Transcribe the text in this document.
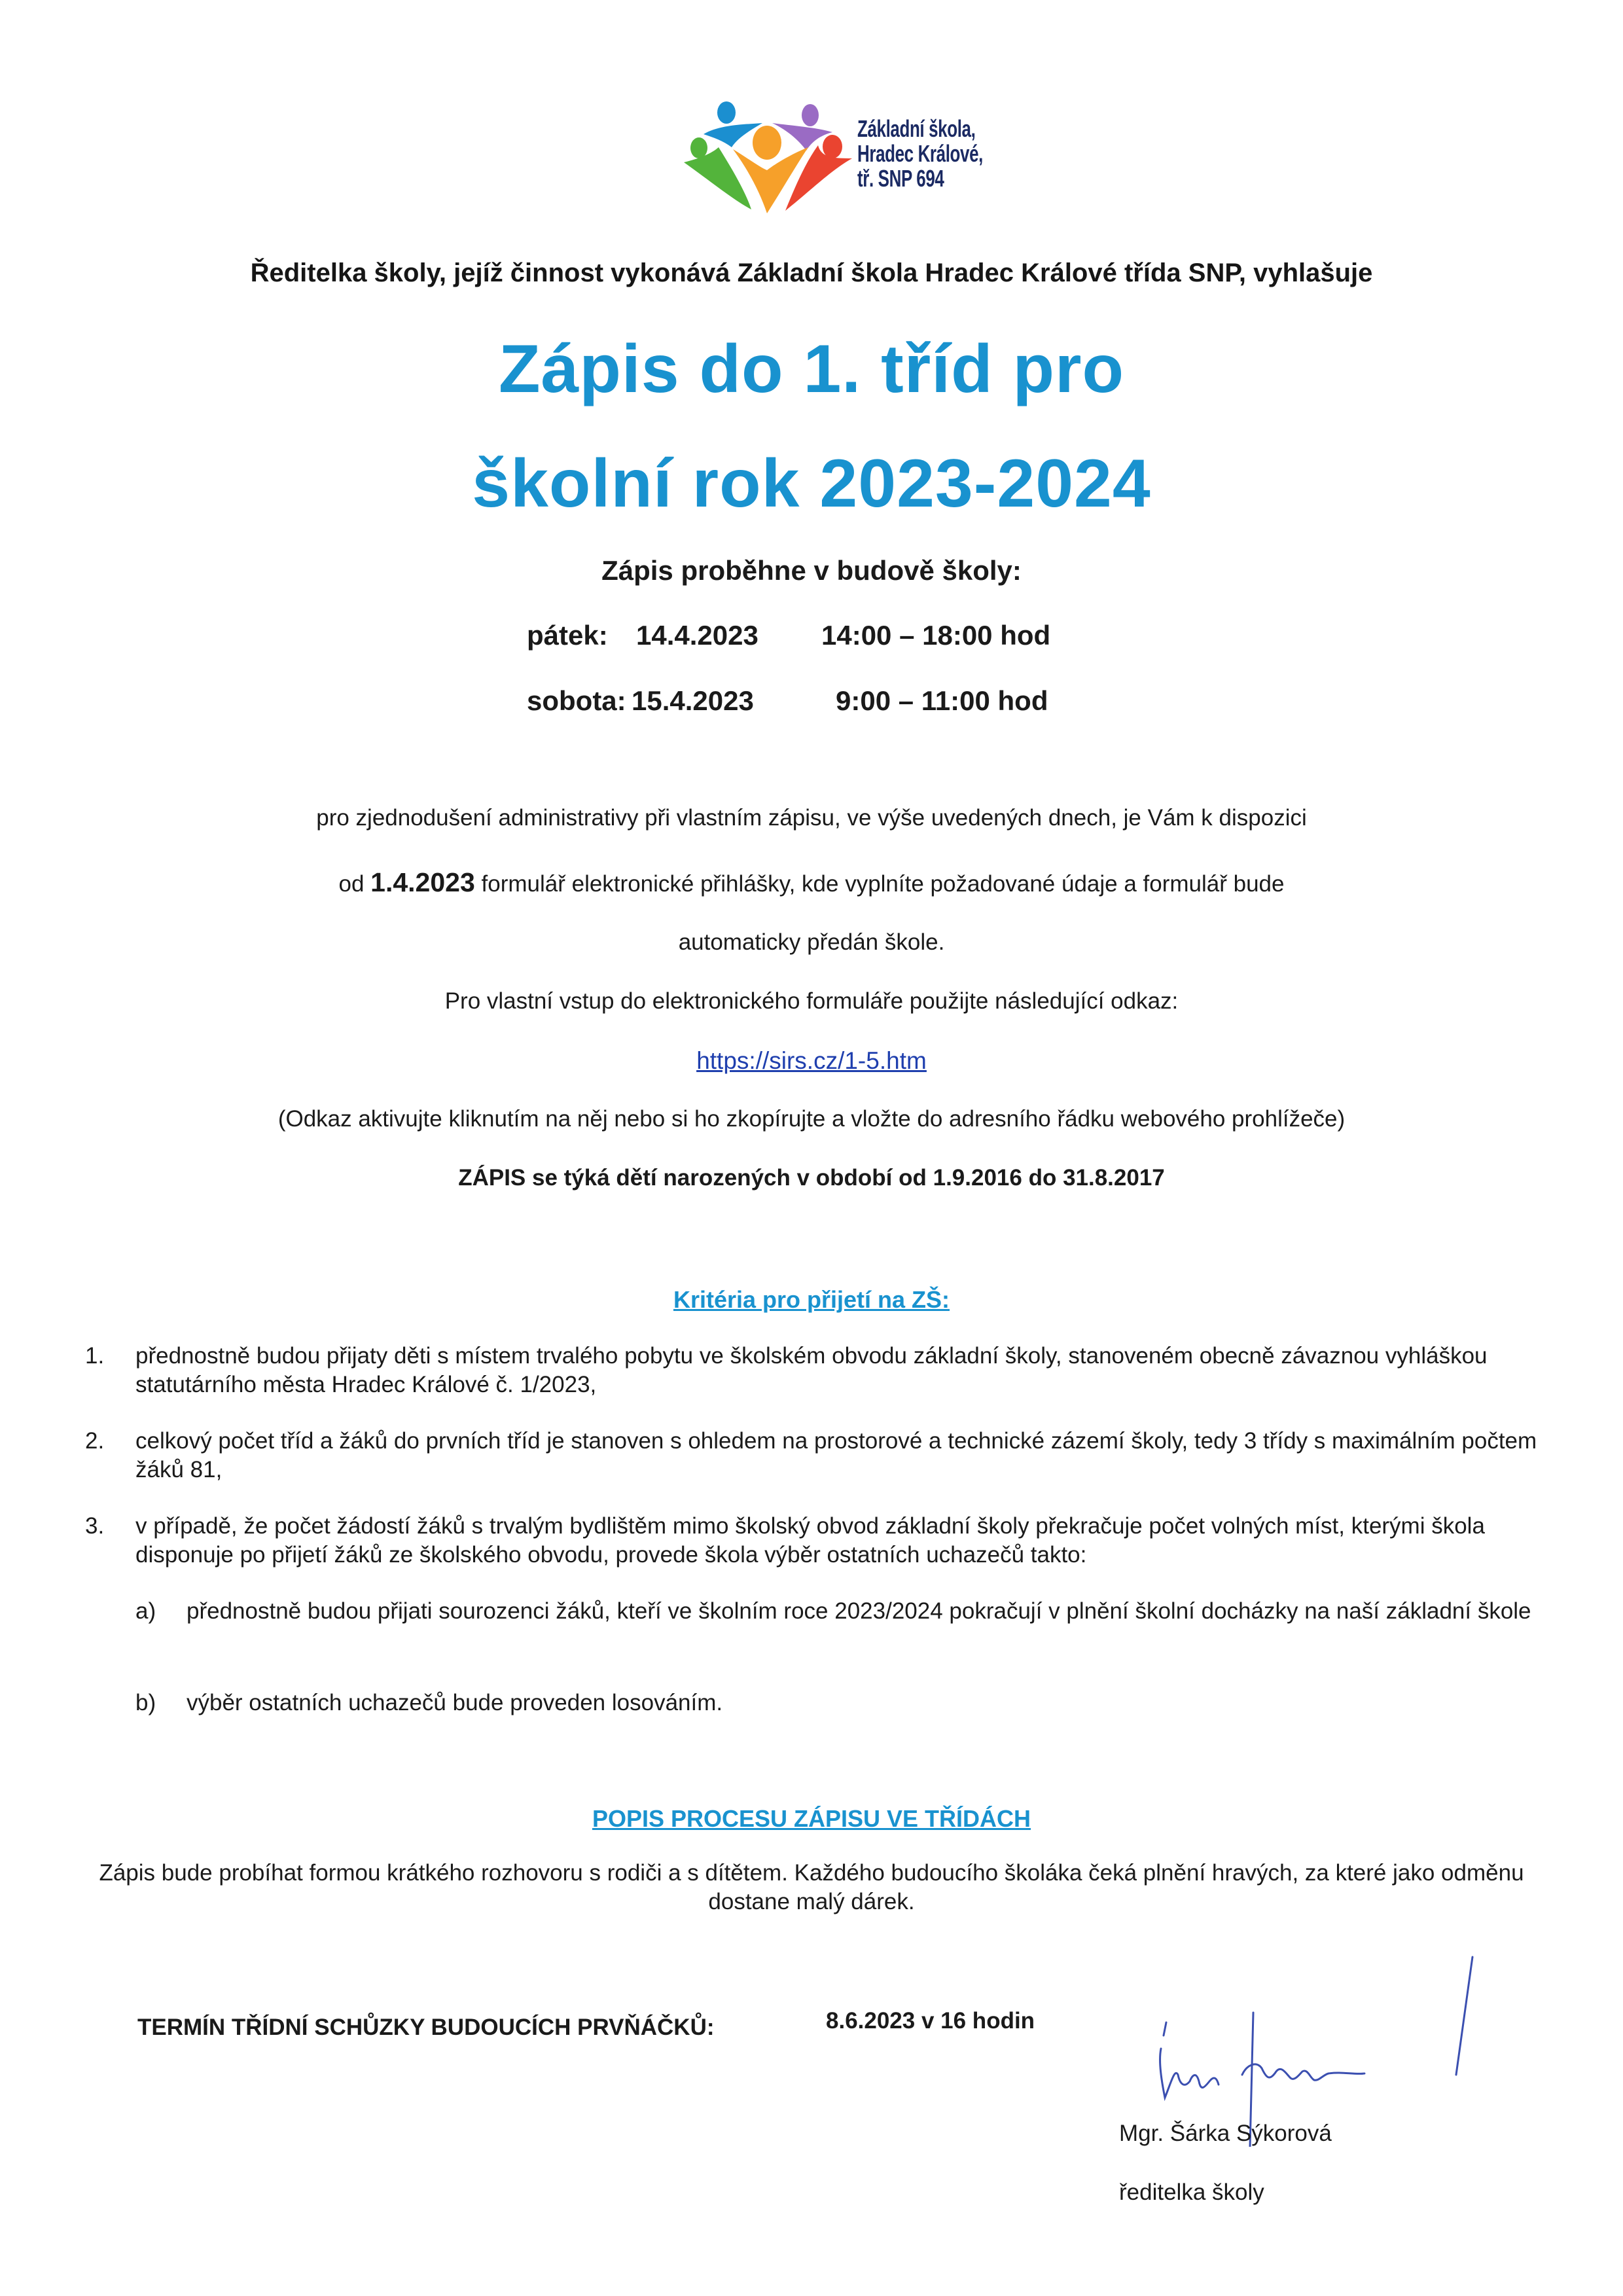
Základní škola,
Hradec Králové,
tř. SNP 694
Ředitelka školy, jejíž činnost vykonává Základní škola Hradec Králové třída SNP, vyhlašuje
Zápis do 1. tříd pro
školní rok 2023-2024
Zápis proběhne v budově školy:
pátek: 14.4.2023 14:00 – 18:00 hod
sobota: 15.4.2023	9:00 – 11:00 hod
pro zjednodušení administrativy při vlastním zápisu, ve výše uvedených dnech, je Vám k dispozici
od 1.4.2023 formulář elektronické přihlášky, kde vyplníte požadované údaje a formulář bude
automaticky předán škole.
Pro vlastní vstup do elektronického formuláře použijte následující odkaz:
https://sirs.cz/1-5.htm
(Odkaz aktivujte kliknutím na něj nebo si ho zkopírujte a vložte do adresního řádku webového prohlížeče)
ZÁPIS se týká dětí narozených v období od 1.9.2016 do 31.8.2017
Kritéria pro přijetí na ZŠ:
1. přednostně budou přijaty děti s místem trvalého pobytu ve školském obvodu základní školy, stanoveném obecně závaznou vyhláškou statutárního města Hradec Králové č. 1/2023,
2. celkový počet tříd a žáků do prvních tříd je stanoven s ohledem na prostorové a technické zázemí školy, tedy 3 třídy s maximálním počtem žáků 81,
3. v případě, že počet žádostí žáků s trvalým bydlištěm mimo školský obvod základní školy překračuje počet volných míst, kterými škola disponuje po přijetí žáků ze školského obvodu, provede škola výběr ostatních uchazečů takto:
a) přednostně budou přijati sourozenci žáků, kteří ve školním roce 2023/2024 pokračují v plnění školní docházky na naší základní škole
b) výběr ostatních uchazečů bude proveden losováním.
POPIS PROCESU ZÁPISU VE TŘÍDÁCH
Zápis bude probíhat formou krátkého rozhovoru s rodiči a s dítětem. Každého budoucího školáka čeká plnění hravých, za které jako odměnu dostane malý dárek.
TERMÍN TŘÍDNÍ SCHŮZKY BUDOUCÍCH PRVŇÁČKŮ:	8.6.2023 v 16 hodin
Mgr. Šárka Sýkorová
ředitelka školy
